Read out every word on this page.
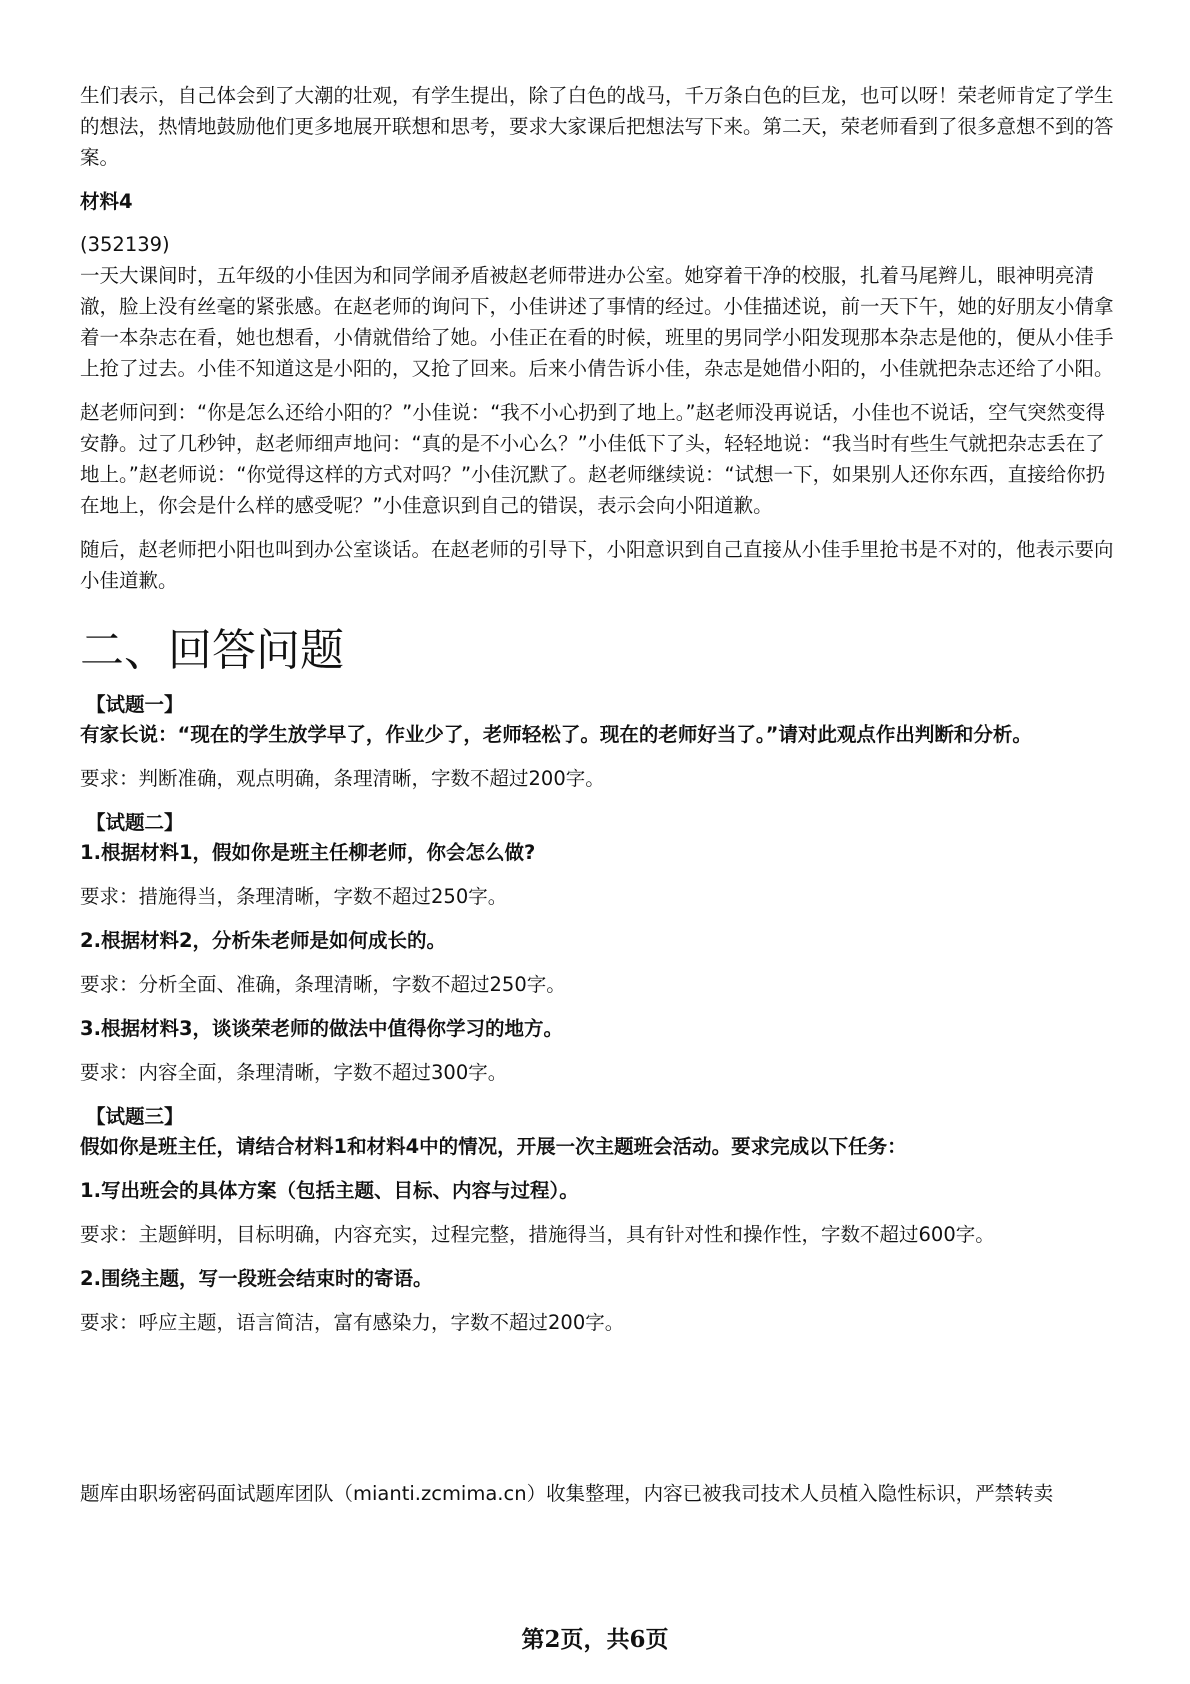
生们表示，自己体会到了大潮的壮观，有学生提出，除了白色的战马，千万条白色的巨龙，也可以呀！荣老师肯定了学生的想法，热情地鼓励他们更多地展开联想和思考，要求大家课后把想法写下来。第二天，荣老师看到了很多意想不到的答案。

材料4

(352139)

一天大课间时，五年级的小佳因为和同学闹矛盾被赵老师带进办公室。她穿着干净的校服，扎着马尾辫儿，眼神明亮清澈，脸上没有丝毫的紧张感。在赵老师的询问下，小佳讲述了事情的经过。小佳描述说，前一天下午，她的好朋友小倩拿着一本杂志在看，她也想看，小倩就借给了她。小佳正在看的时候，班里的男同学小阳发现那本杂志是他的，便从小佳手上抢了过去。小佳不知道这是小阳的，又抢了回来。后来小倩告诉小佳，杂志是她借小阳的，小佳就把杂志还给了小阳。

赵老师问到：“你是怎么还给小阳的？”小佳说：“我不小心扔到了地上。”赵老师没再说话，小佳也不说话，空气突然变得安静。过了几秒钟，赵老师细声地问：“真的是不小心么？”小佳低下了头，轻轻地说：“我当时有些生气就把杂志丢在了地上。”赵老师说：“你觉得这样的方式对吗？”小佳沉默了。赵老师继续说：“试想一下，如果别人还你东西，直接给你扔在地上，你会是什么样的感受呢？”小佳意识到自己的错误，表示会向小阳道歉。

随后，赵老师把小阳也叫到办公室谈话。在赵老师的引导下，小阳意识到自己直接从小佳手里抢书是不对的，他表示要向小佳道歉。

二、回答问题

【试题一】

有家长说：“现在的学生放学早了，作业少了，老师轻松了。现在的老师好当了。”请对此观点作出判断和分析。

要求：判断准确，观点明确，条理清晰，字数不超过200字。

【试题二】

1.根据材料1，假如你是班主任柳老师，你会怎么做?

要求：措施得当，条理清晰，字数不超过250字。

2.根据材料2，分析朱老师是如何成长的。

要求：分析全面、准确，条理清晰，字数不超过250字。

3.根据材料3，谈谈荣老师的做法中值得你学习的地方。

要求：内容全面，条理清晰，字数不超过300字。

【试题三】

假如你是班主任，请结合材料1和材料4中的情况，开展一次主题班会活动。要求完成以下任务：

1.写出班会的具体方案（包括主题、目标、内容与过程）。

要求：主题鲜明，目标明确，内容充实，过程完整，措施得当，具有针对性和操作性，字数不超过600字。

2.围绕主题，写一段班会结束时的寄语。

要求：呼应主题，语言简洁，富有感染力，字数不超过200字。

题库由职场密码面试题库团队（mianti.zcmima.cn）收集整理，内容已被我司技术人员植入隐性标识，严禁转卖

第2页，共6页
